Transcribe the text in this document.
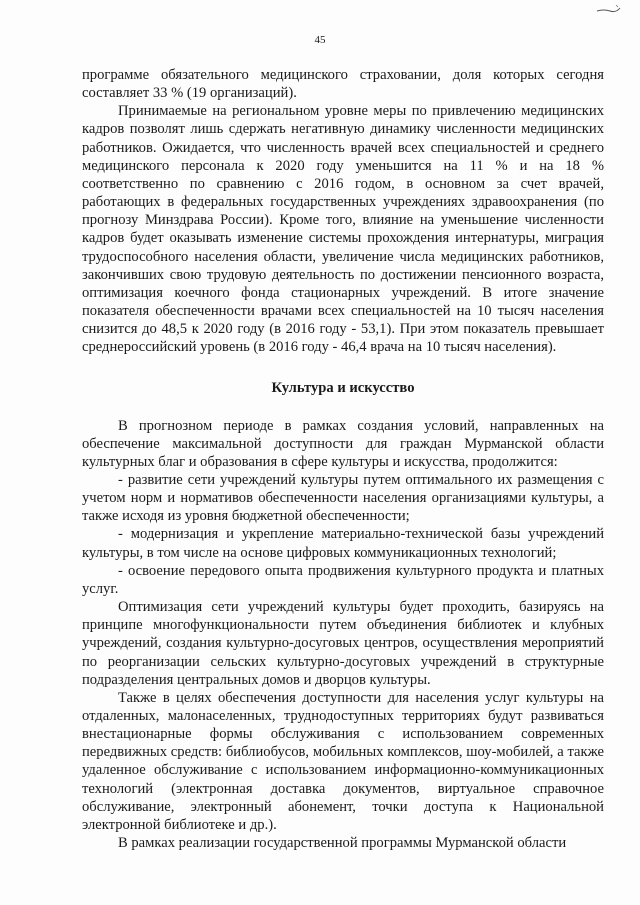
45

программе обязательного медицинского страховании, доля которых сегодня составляет 33 % (19 организаций).

Принимаемые на региональном уровне меры по привлечению медицинских кадров позволят лишь сдержать негативную динамику численности медицинских работников. Ожидается, что численность врачей всех специальностей и среднего медицинского персонала к 2020 году уменьшится на 11 % и на 18 % соответственно по сравнению с 2016 годом, в основном за счет врачей, работающих в федеральных государственных учреждениях здравоохранения (по прогнозу Минздрава России). Кроме того, влияние на уменьшение численности кадров будет оказывать изменение системы прохождения интернатуры, миграция трудоспособного населения области, увеличение числа медицинских работников, закончивших свою трудовую деятельность по достижении пенсионного возраста, оптимизация коечного фонда стационарных учреждений. В итоге значение показателя обеспеченности врачами всех специальностей на 10 тысяч населения снизится до 48,5 к 2020 году (в 2016 году - 53,1). При этом показатель превышает среднероссийский уровень (в 2016 году - 46,4 врача на 10 тысяч населения).

Культура и искусство

В прогнозном периоде в рамках создания условий, направленных на обеспечение максимальной доступности для граждан Мурманской области культурных благ и образования в сфере культуры и искусства, продолжится:

- развитие сети учреждений культуры путем оптимального их размещения с учетом норм и нормативов обеспеченности населения организациями культуры, а также исходя из уровня бюджетной обеспеченности;

- модернизация и укрепление материально-технической базы учреждений культуры, в том числе на основе цифровых коммуникационных технологий;

- освоение передового опыта продвижения культурного продукта и платных услуг.

Оптимизация сети учреждений культуры будет проходить, базируясь на принципе многофункциональности путем объединения библиотек и клубных учреждений, создания культурно-досуговых центров, осуществления мероприятий по реорганизации сельских культурно-досуговых учреждений в структурные подразделения центральных домов и дворцов культуры.

Также в целях обеспечения доступности для населения услуг культуры на отдаленных, малонаселенных, труднодоступных территориях будут развиваться внестационарные формы обслуживания с использованием современных передвижных средств: библиобусов, мобильных комплексов, шоу-мобилей, а также удаленное обслуживание с использованием информационно-коммуникационных технологий (электронная доставка документов, виртуальное справочное обслуживание, электронный абонемент, точки доступа к Национальной электронной библиотеке и др.).

В рамках реализации государственной программы Мурманской области
